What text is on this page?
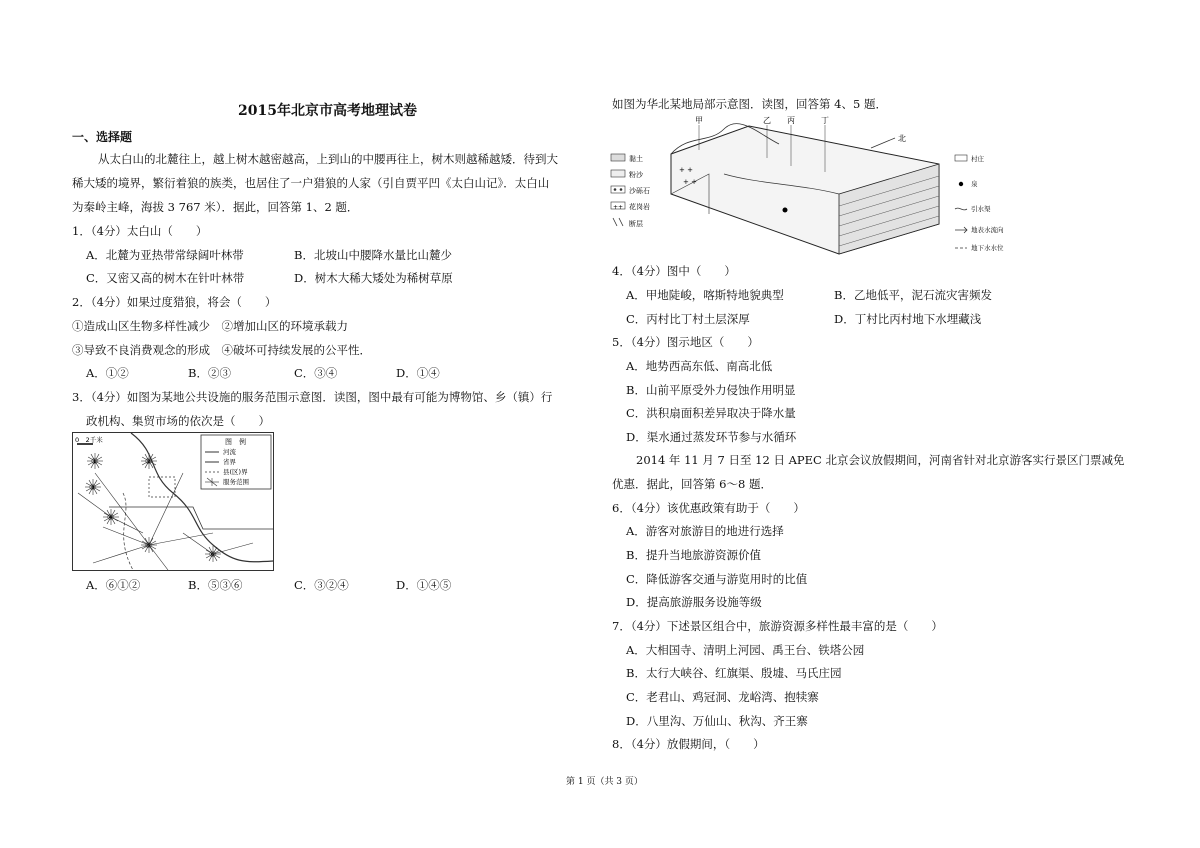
2015年北京市高考地理试卷
一、选择题
从太白山的北麓往上，越上树木越密越高，上到山的中腰再往上，树木则越稀越矮．待到大
稀大矮的境界，繁衍着狼的族类，也居住了一户猎狼的人家（引自贾平凹《太白山记》．太白山
为秦岭主峰，海拔 3 767 米）．据此，回答第 1、2 题．
1．（4分）太白山（　　）
A．北麓为亚热带常绿阔叶林带	B．北坡山中腰降水量比山麓少
C．又密又高的树木在针叶林带	D．树木大稀大矮处为稀树草原
2．（4分）如果过度猎狼，将会（　　）
①造成山区生物多样性减少　②增加山区的环境承载力
③导致不良消费观念的形成　④破坏可持续发展的公平性．
A．①②	B．②③	C．③④	D．①④
3．（4分）如图为某地公共设施的服务范围示意图．读图，图中最有可能为博物馆、乡（镇）行
政机构、集贸市场的依次是（　　）
0　2千米	图　例
河流
省界
县(区)界
服务范围
①	②
③
④
⑤
⑥
A．⑥①②	B．⑤③⑥	C．③②④	D．①④⑤
如图为华北某地局部示意图．读图，回答第 4、5 题．
黏土
粉沙
沙砾石
++ 花岗岩
断层
+ +
+ +
甲	乙 丙	丁
北
村庄
泉
引水渠
地表水流向
地下水水位
4．（4分）图中（　　）
A．甲地陡峻，喀斯特地貌典型	B．乙地低平，泥石流灾害频发
C．丙村比丁村土层深厚	D．丁村比丙村地下水埋藏浅
5．（4分）图示地区（　　）
A．地势西高东低、南高北低
B．山前平原受外力侵蚀作用明显
C．洪积扇面积差异取决于降水量
D．渠水通过蒸发环节参与水循环
2014 年 11 月 7 日至 12 日 APEC 北京会议放假期间，河南省针对北京游客实行景区门票减免
优惠．据此，回答第 6～8 题．
6．（4分）该优惠政策有助于（　　）
A．游客对旅游目的地进行选择
B．提升当地旅游资源价值
C．降低游客交通与游览用时的比值
D．提高旅游服务设施等级
7．（4分）下述景区组合中，旅游资源多样性最丰富的是（　　）
A．大相国寺、清明上河园、禹王台、铁塔公园
B．太行大峡谷、红旗渠、殷墟、马氏庄园
C．老君山、鸡冠洞、龙峪湾、抱犊寨
D．八里沟、万仙山、秋沟、齐王寨
8．（4分）放假期间，（　　）
第 1 页（共 3 页）
